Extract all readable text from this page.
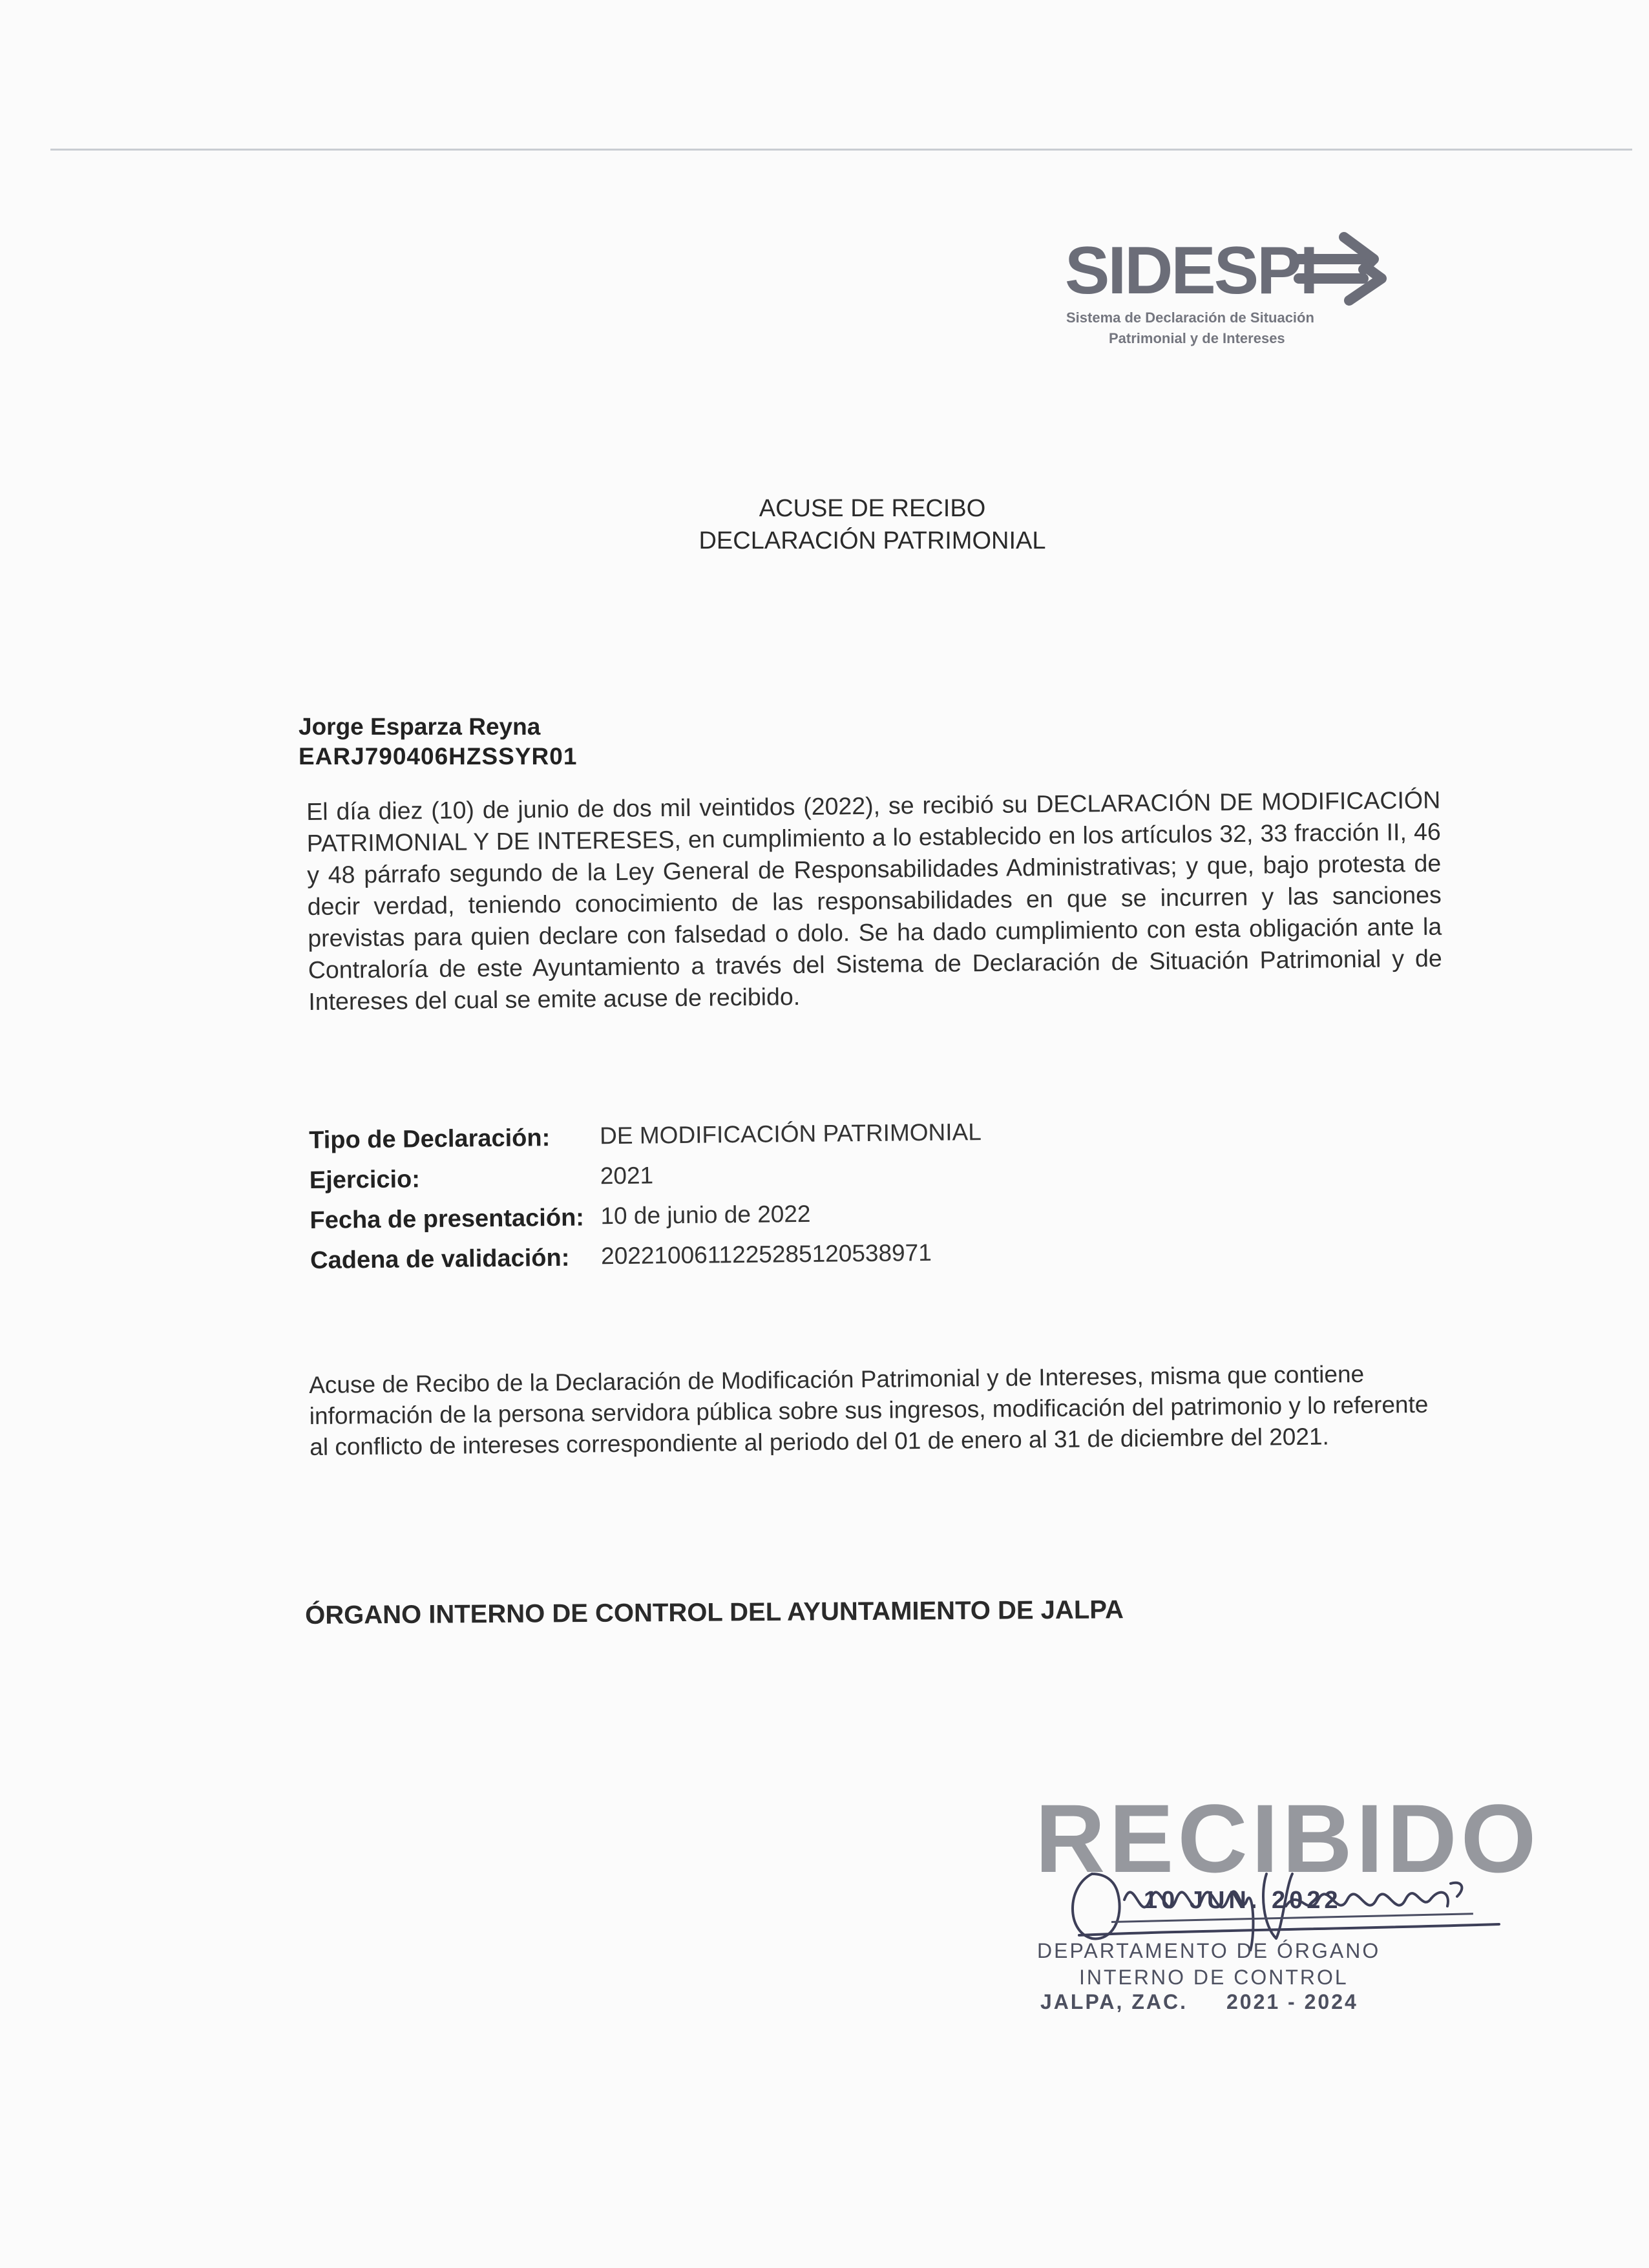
SIDESPI
Sistema de Declaración de Situación
Patrimonial y de Intereses
ACUSE DE RECIBO
DECLARACIÓN PATRIMONIAL
Jorge Esparza Reyna
EARJ790406HZSSYR01
El día diez (10) de junio de dos mil veintidos (2022), se recibió su DECLARACIÓN DE MODIFICACIÓN PATRIMONIAL Y DE INTERESES, en cumplimiento a lo establecido en los artículos 32, 33 fracción II, 46 y 48 párrafo segundo de la Ley General de Responsabilidades Administrativas; y que, bajo protesta de decir verdad, teniendo conocimiento de las responsabilidades en que se incurren y las sanciones previstas para quien declare con falsedad o dolo. Se ha dado cumplimiento con esta obligación ante la Contraloría de este Ayuntamiento a través del Sistema de Declaración de Situación Patrimonial y de Intereses del cual se emite acuse de recibido.
Tipo de Declaración: DE MODIFICACIÓN PATRIMONIAL
Ejercicio:	2021
Fecha de presentación: 10 de junio de 2022
Cadena de validación: 2022100611225285120538971
Acuse de Recibo de la Declaración de Modificación Patrimonial y de Intereses, misma que contiene información de la persona servidora pública sobre sus ingresos, modificación del patrimonio y lo referente al conflicto de intereses correspondiente al periodo del 01 de enero al 31 de diciembre del 2021.
ÓRGANO INTERNO DE CONTROL DEL AYUNTAMIENTO DE JALPA
RECIBIDO
10 JUN. 2022
DEPARTAMENTO DE ÓRGANO
INTERNO DE CONTROL
JALPA, ZAC. 2021 - 2024
